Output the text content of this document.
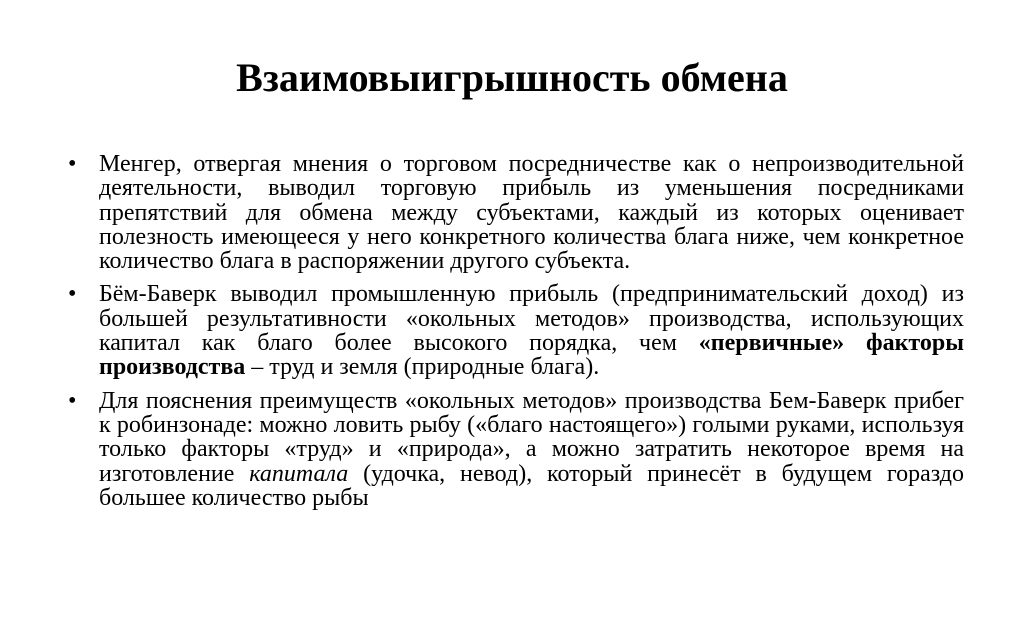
Взаимовыигрышность обмена
• Менгер, отвергая мнения о торговом посредничестве как о непроизводительной деятельности, выводил торговую прибыль из уменьшения посредниками препятствий для обмена между субъектами, каждый из которых оценивает полезность имеющееся у него конкретного количества блага ниже, чем конкретное количество блага в распоряжении другого субъекта.
• Бём-Баверк выводил промышленную прибыль (предпринимательский доход) из большей результативности «окольных методов» производства, использующих капитал как благо более высокого порядка, чем «первичные» факторы производства – труд и земля (природные блага).
• Для пояснения преимуществ «окольных методов» производства Бем-Баверк прибег к робинзонаде: можно ловить рыбу («благо настоящего») голыми руками, используя только факторы «труд» и «природа», а можно затратить некоторое время на изготовление капитала (удочка, невод), который принесёт в будущем гораздо большее количество рыбы
